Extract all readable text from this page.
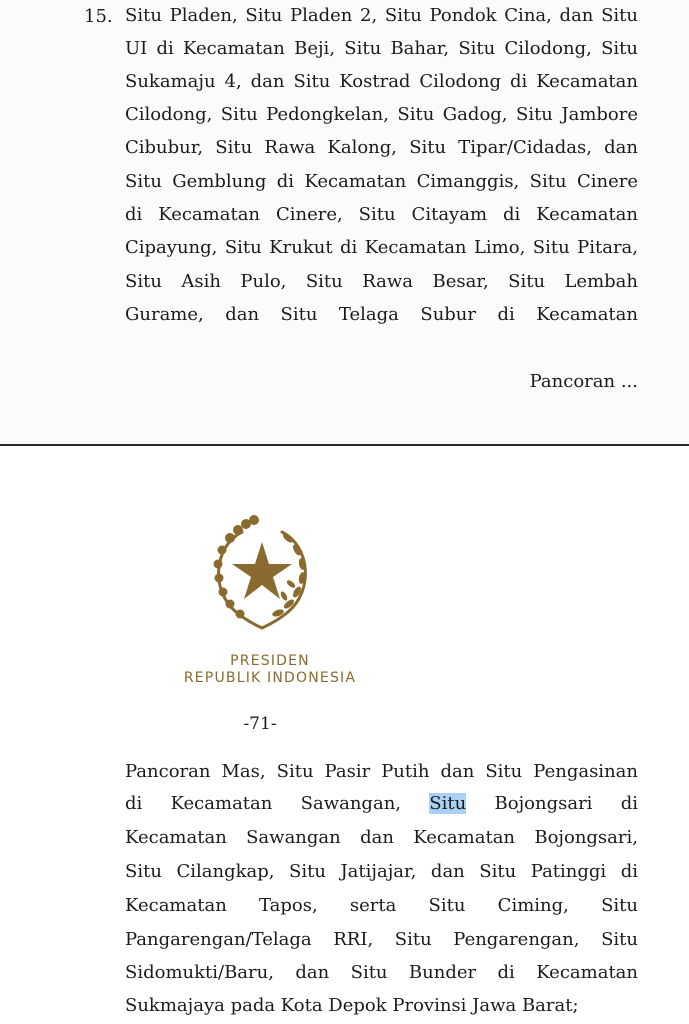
15. Situ Pladen, Situ Pladen 2, Situ Pondok Cina, dan Situ
UI di Kecamatan Beji, Situ Bahar, Situ Cilodong, Situ
Sukamaju 4, dan Situ Kostrad Cilodong di Kecamatan
Cilodong, Situ Pedongkelan, Situ Gadog, Situ Jambore
Cibubur, Situ Rawa Kalong, Situ Tipar/Cidadas, dan
Situ Gemblung di Kecamatan Cimanggis, Situ Cinere
di Kecamatan Cinere, Situ Citayam di Kecamatan
Cipayung, Situ Krukut di Kecamatan Limo, Situ Pitara,
Situ Asih Pulo, Situ Rawa Besar, Situ Lembah
Gurame, dan Situ Telaga Subur di Kecamatan
Pancoran ...
PRESIDEN
REPUBLIK INDONESIA
-71-
Pancoran Mas, Situ Pasir Putih dan Situ Pengasinan
di Kecamatan Sawangan, Situ Bojongsari di
Kecamatan Sawangan dan Kecamatan Bojongsari,
Situ Cilangkap, Situ Jatijajar, dan Situ Patinggi di
Kecamatan Tapos, serta Situ Ciming, Situ
Pangarengan/Telaga RRI, Situ Pengarengan, Situ
Sidomukti/Baru, dan Situ Bunder di Kecamatan
Sukmajaya pada Kota Depok Provinsi Jawa Barat;
